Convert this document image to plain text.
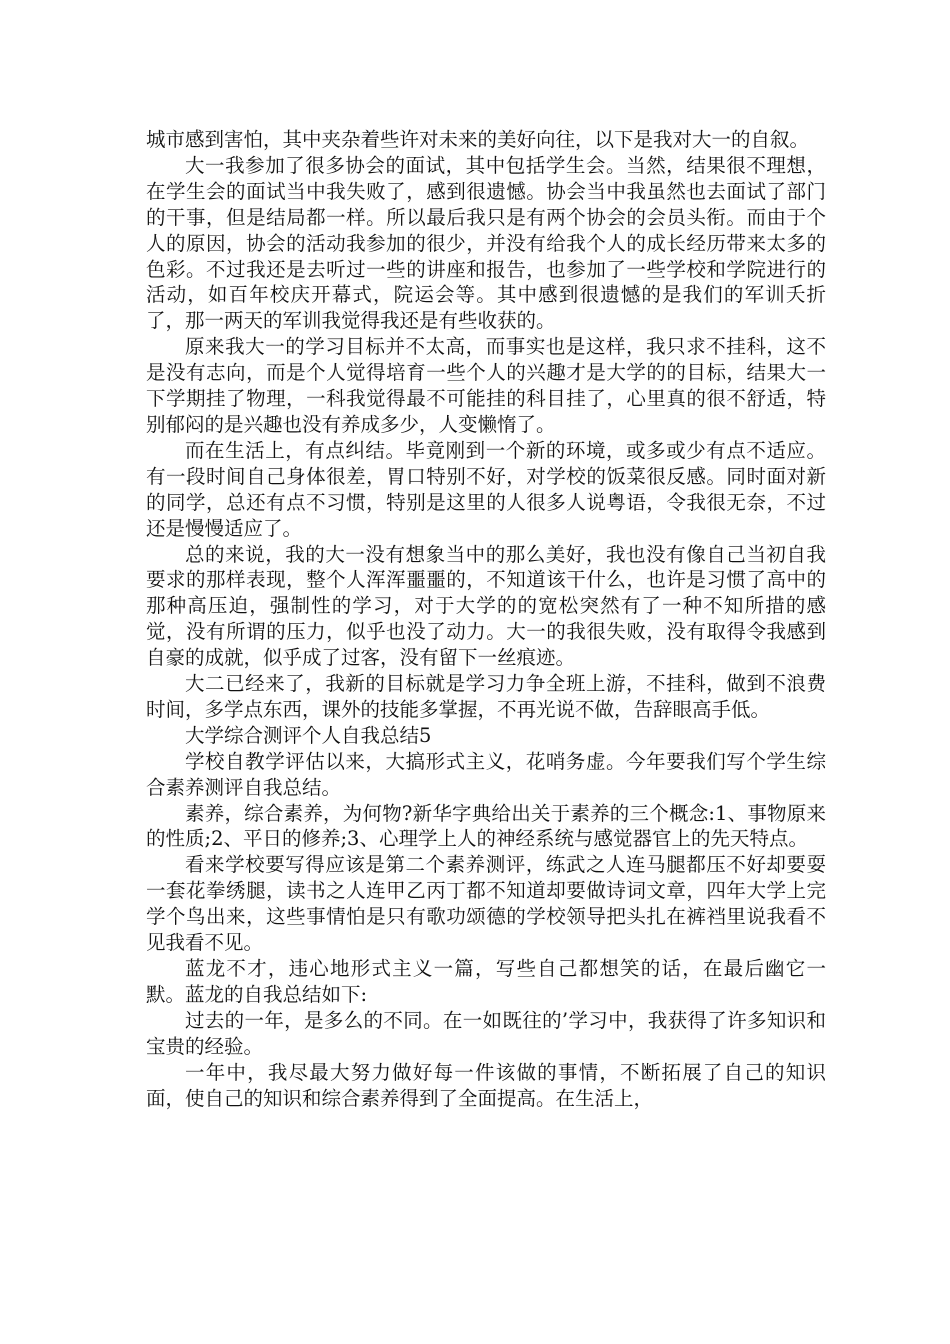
城市感到害怕，其中夹杂着些许对未来的美好向往，以下是我对大一的自叙。

大一我参加了很多协会的面试，其中包括学生会。当然，结果很不理想，在学生会的面试当中我失败了，感到很遗憾。协会当中我虽然也去面试了部门的干事，但是结局都一样。所以最后我只是有两个协会的会员头衔。而由于个人的原因，协会的活动我参加的很少，并没有给我个人的成长经历带来太多的色彩。不过我还是去听过一些的讲座和报告，也参加了一些学校和学院进行的活动，如百年校庆开幕式，院运会等。其中感到很遗憾的是我们的军训夭折了，那一两天的军训我觉得我还是有些收获的。

原来我大一的学习目标并不太高，而事实也是这样，我只求不挂科，这不是没有志向，而是个人觉得培育一些个人的兴趣才是大学的的目标，结果大一下学期挂了物理，一科我觉得最不可能挂的科目挂了，心里真的很不舒适，特别郁闷的是兴趣也没有养成多少，人变懒惰了。

而在生活上，有点纠结。毕竟刚到一个新的环境，或多或少有点不适应。有一段时间自己身体很差，胃口特别不好，对学校的饭菜很反感。同时面对新的同学，总还有点不习惯，特别是这里的人很多人说粤语，令我很无奈，不过还是慢慢适应了。

总的来说，我的大一没有想象当中的那么美好，我也没有像自己当初自我要求的那样表现，整个人浑浑噩噩的，不知道该干什么，也许是习惯了高中的那种高压迫，强制性的学习，对于大学的的宽松突然有了一种不知所措的感觉，没有所谓的压力，似乎也没了动力。大一的我很失败，没有取得令我感到自豪的成就，似乎成了过客，没有留下一丝痕迹。

大二已经来了，我新的目标就是学习力争全班上游，不挂科，做到不浪费时间，多学点东西，课外的技能多掌握，不再光说不做，告辞眼高手低。

大学综合测评个人自我总结5

学校自教学评估以来，大搞形式主义，花哨务虚。今年要我们写个学生综合素养测评自我总结。

素养，综合素养，为何物?新华字典给出关于素养的三个概念:1、事物原来的性质;2、平日的修养;3、心理学上人的神经系统与感觉器官上的先天特点。

看来学校要写得应该是第二个素养测评，练武之人连马腿都压不好却要耍一套花拳绣腿，读书之人连甲乙丙丁都不知道却要做诗词文章，四年大学上完学个鸟出来，这些事情怕是只有歌功颂德的学校领导把头扎在裤裆里说我看不见我看不见。

蓝龙不才，违心地形式主义一篇，写些自己都想笑的话，在最后幽它一默。蓝龙的自我总结如下:

过去的一年，是多么的不同。在一如既往的’学习中，我获得了许多知识和宝贵的经验。

一年中，我尽最大努力做好每一件该做的事情，不断拓展了自己的知识面，使自己的知识和综合素养得到了全面提高。在生活上，
